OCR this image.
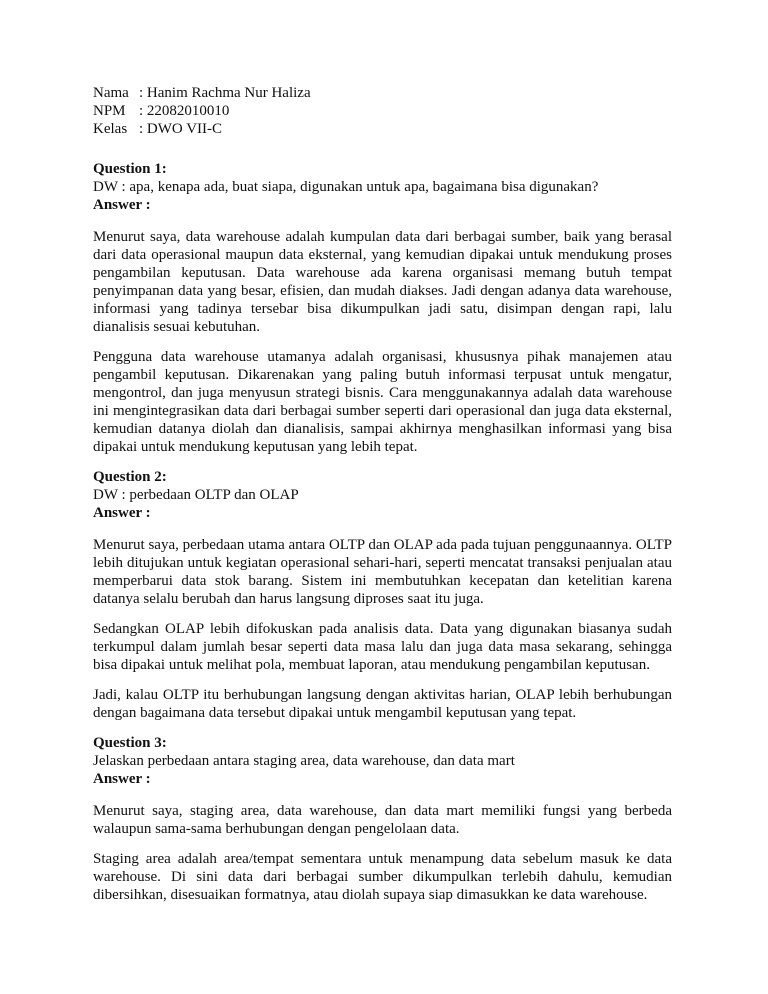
Nama : Hanim Rachma Nur Haliza
NPM : 22082010010
Kelas : DWO VII-C
Question 1:
DW : apa, kenapa ada, buat siapa, digunakan untuk apa, bagaimana bisa digunakan?
Answer :

Menurut saya, data warehouse adalah kumpulan data dari berbagai sumber, baik yang berasal dari data operasional maupun data eksternal, yang kemudian dipakai untuk mendukung proses pengambilan keputusan. Data warehouse ada karena organisasi memang butuh tempat penyimpanan data yang besar, efisien, dan mudah diakses. Jadi dengan adanya data warehouse, informasi yang tadinya tersebar bisa dikumpulkan jadi satu, disimpan dengan rapi, lalu dianalisis sesuai kebutuhan.

Pengguna data warehouse utamanya adalah organisasi, khususnya pihak manajemen atau pengambil keputusan. Dikarenakan yang paling butuh informasi terpusat untuk mengatur, mengontrol, dan juga menyusun strategi bisnis. Cara menggunakannya adalah data warehouse ini mengintegrasikan data dari berbagai sumber seperti dari operasional dan juga data eksternal, kemudian datanya diolah dan dianalisis, sampai akhirnya menghasilkan informasi yang bisa dipakai untuk mendukung keputusan yang lebih tepat.

Question 2:
DW : perbedaan OLTP dan OLAP
Answer :

Menurut saya, perbedaan utama antara OLTP dan OLAP ada pada tujuan penggunaannya. OLTP lebih ditujukan untuk kegiatan operasional sehari-hari, seperti mencatat transaksi penjualan atau memperbarui data stok barang. Sistem ini membutuhkan kecepatan dan ketelitian karena datanya selalu berubah dan harus langsung diproses saat itu juga.

Sedangkan OLAP lebih difokuskan pada analisis data. Data yang digunakan biasanya sudah terkumpul dalam jumlah besar seperti data masa lalu dan juga data masa sekarang, sehingga bisa dipakai untuk melihat pola, membuat laporan, atau mendukung pengambilan keputusan.

Jadi, kalau OLTP itu berhubungan langsung dengan aktivitas harian, OLAP lebih berhubungan dengan bagaimana data tersebut dipakai untuk mengambil keputusan yang tepat.

Question 3:
Jelaskan perbedaan antara staging area, data warehouse, dan data mart
Answer :

Menurut saya, staging area, data warehouse, dan data mart memiliki fungsi yang berbeda walaupun sama-sama berhubungan dengan pengelolaan data.

Staging area adalah area/tempat sementara untuk menampung data sebelum masuk ke data warehouse. Di sini data dari berbagai sumber dikumpulkan terlebih dahulu, kemudian dibersihkan, disesuaikan formatnya, atau diolah supaya siap dimasukkan ke data warehouse.
